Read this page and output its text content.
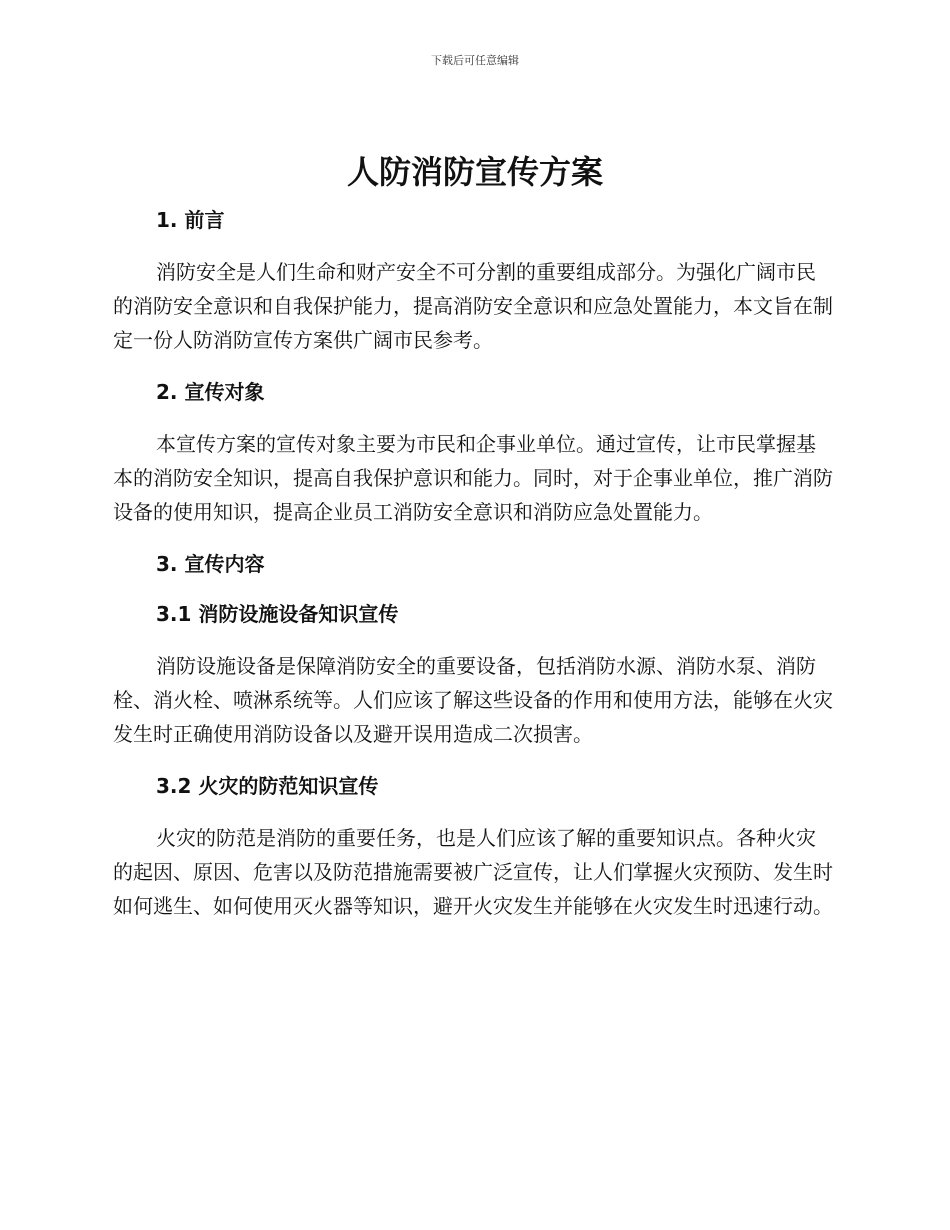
下载后可任意编辑
人防消防宣传方案

1. 前言

消防安全是人们生命和财产安全不可分割的重要组成部分。为强化广阔市民的消防安全意识和自我保护能力，提高消防安全意识和应急处置能力，本文旨在制定一份人防消防宣传方案供广阔市民参考。

2. 宣传对象

本宣传方案的宣传对象主要为市民和企事业单位。通过宣传，让市民掌握基本的消防安全知识，提高自我保护意识和能力。同时，对于企事业单位，推广消防设备的使用知识，提高企业员工消防安全意识和消防应急处置能力。

3. 宣传内容

3.1 消防设施设备知识宣传

消防设施设备是保障消防安全的重要设备，包括消防水源、消防水泵、消防栓、消火栓、喷淋系统等。人们应该了解这些设备的作用和使用方法，能够在火灾发生时正确使用消防设备以及避开误用造成二次损害。

3.2 火灾的防范知识宣传

火灾的防范是消防的重要任务，也是人们应该了解的重要知识点。各种火灾的起因、原因、危害以及防范措施需要被广泛宣传，让人们掌握火灾预防、发生时如何逃生、如何使用灭火器等知识，避开火灾发生并能够在火灾发生时迅速行动。
